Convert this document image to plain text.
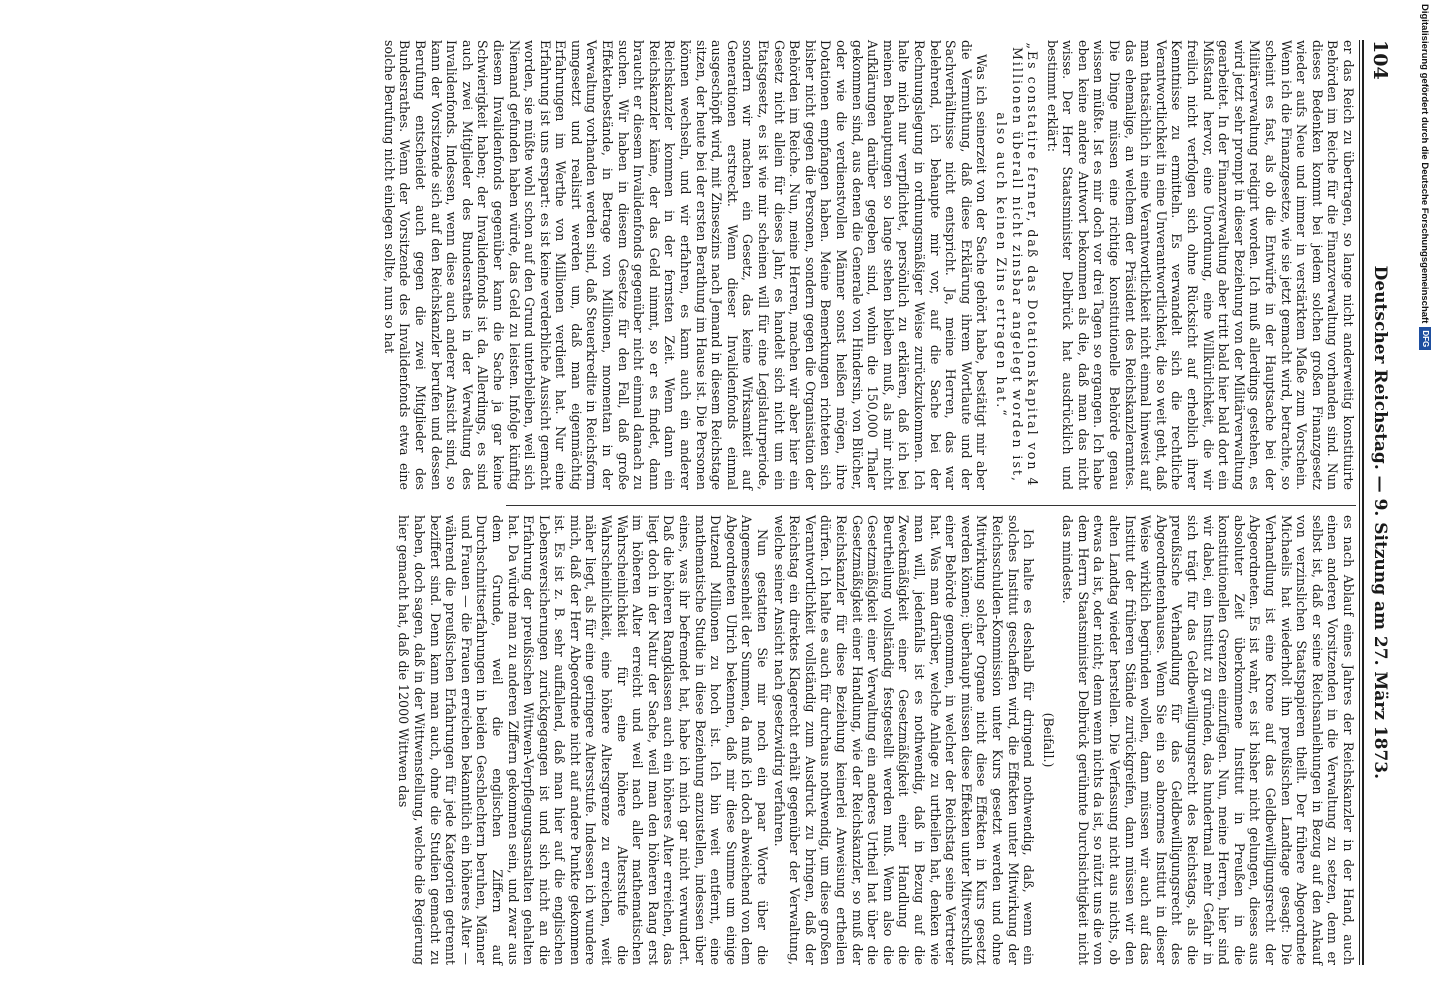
104
Deutscher Reichstag. — 9. Sitzung am 27. März 1873.

er das Reich zu übertragen, so lange nicht anderweitig konstituirte Behörden im Reiche für die Finanzverwaltung vorhanden sind. Nun dieses Bedenken kommt bei jedem solchen großen Finanzgesetz wieder aufs Neue und immer in verstärktem Maße zum Vorschein. Wenn ich die Finanzgesetze, wie sie jetzt gemacht wird, betrachte, so scheint es fast, als ob die Entwürfe in der Hauptsache bei der Militärverwaltung redigirt worden. Ich muß allerdings gestehen, es wird jetzt sehr prompt in dieser Beziehung von der Militärverwaltung gearbeitet. In der Finanzverwaltung aber tritt bald hier bald dort ein Mißstand hervor, eine Unordnung, eine Willkürlichkeit, die wir freilich nicht verfolgen sich ohne Rücksicht auf erheblich ihrer Kenntnisse zu ermitteln. Es verwandelt sich die rechtliche Verantwortlichkeit in eine Unverantwortlichkeit, die so weit geht, daß man thatsächlich in eine Verantwortlichkeit nicht einmal hinweist auf das ehemalige, an welchem der Präsident des Reichskanzleramtes. Die Dinge müssen eine richtige konstitutionelle Behörde genau wissen müßte. Ist es mir doch vor drei Tagen so ergangen. Ich habe eben keine andere Antwort bekommen als die, daß man das nicht wisse. Der Herr Staatsminister Delbrück hat ausdrücklich und bestimmt erklärt:

„Es constatire ferner, daß das Dotationskapital von 4 Millionen überall nicht zinsbar angelegt worden ist, also auch keinen Zins ertragen hat.“

Was ich seinerzeit von der Sache gehört habe, bestätigt mir aber die Vermuthung, daß diese Erklärung ihrem Wortlaute und der Sachverhältnisse nicht entspricht. Ja, meine Herren, das war belehrend, ich behaupte mir vor, auf die Sache bei der Rechnungslegung in ordnungsmäßiger Weise zurückzukommen. Ich halte mich nur verpflichtet, persönlich zu erklären, daß ich bei meinen Behauptungen so lange stehen bleiben muß, als mir nicht Aufklärungen darüber gegeben sind, wohin die 150,000 Thaler gekommen sind, aus denen die Generale von Hindersin, von Blücher, oder wie die verdienstvollen Männer sonst heißen mögen, ihre Dotationen empfangen haben. Meine Bemerkungen richteten sich bisher nicht gegen die Personen, sondern gegen die Organisation der Behörden im Reiche. Nun, meine Herren, machen wir aber hier ein Gesetz nicht allein für dieses Jahr, es handelt sich nicht um ein Etatsgesetz, es ist wie mir scheinen will für eine Legislaturperiode, sondern wir machen ein Gesetz, das keine Wirksamkeit auf Generationen erstreckt. Wenn dieser Invalidenfonds einmal ausgeschöpft wird, mit Zinseszins nach Jemand in diesem Reichstage sitzen, der heute bei der ersten Berathung im Hause ist. Die Personen können wechseln, und wir erfahren, es kann auch ein anderer Reichskanzler kommen in der fernsten Zeit. Wenn dann ein Reichskanzler käme, der das Geld nimmt, so er es findet, dann braucht er diesem Invalidenfonds gegenüber nicht einmal danach zu suchen. Wir haben in diesem Gesetze für den Fall, daß große Effektenbestände, in Betrage von Millionen, momentan in der Verwaltung vorhanden werden sind, daß Steuerkredite in Reichsform umgesetzt und realisirt werden um, daß man eigenmächtig Erfahrungen im Werthe von Millionen verdient hat. Nur eine Erfahrung ist uns erspart: es ist keine verderbliche Aussicht gemacht worden, sie müßte wohl schon auf den Grund unterbleiben, weil sich Niemand gefunden haben würde, das Geld zu leisten. Infolge künftig diesem Invalidenfonds gegenüber kann die Sache ja gar keine Schwierigkeit haben; der Invalidenfonds ist da. Allerdings, es sind auch zwei Mitglieder des Bundesrathes in der Verwaltung des Invalidenfonds. Indessen, wenn diese auch anderer Ansicht sind, so kann der Vorsitzende sich auf den Reichskanzler berufen und dessen Berufung entscheidet auch gegen die zwei Mitglieder des Bundesrathes. Wenn der Vorsitzende des Invalidenfonds etwa eine solche Berufung nicht einlegen sollte, nun so hat

es nach Ablauf eines Jahres der Reichskanzler in der Hand, auch einen anderen Vorsitzenden in die Verwaltung zu setzen, denn er selbst ist, daß er seine Reichsanleihungen in Bezug auf den Ankauf von verzinslichen Staatspapieren theilt. Der frühere Abgeordnete Michaelis hat wiederholt ihn preußischen Landtage gesagt: Die Verhandlung ist eine Krone auf das Geldbewilligungsrecht der Abgeordneten. Es ist wahr, es ist bisher nicht gelungen, dieses aus absoluter Zeit überkommene Institut in Preußen in die konstitutionellen Grenzen einzufügen. Nun, meine Herren, hier sind wir dabei, ein Institut zu gründen, das hundertmal mehr Gefahr in sich trägt für das Geldbewilligungsrecht des Reichstags, als die preußische Verhandlung für das Geldbewilligungsrecht des Abgeordnetenhauses. Wenn Sie ein so abnormes Institut in dieser Weise wirklich begründen wollen, dann müssen wir auch auf das Institut der früheren Stände zurückgreifen, dann müssen wir den alten Landtag wieder herstellen. Die Verfassung nicht aus nichts, ob etwas da ist, oder nicht; denn wenn nichts da ist, so nützt uns die von dem Herrn Staatsminister Delbrück gerühmte Durchsichtigkeit nicht das mindeste.

(Beifall.)

Ich halte es deshalb für dringend nothwendig, daß, wenn ein solches Institut geschaffen wird, die Effekten unter Mitwirkung der Reichsschulden-Kommission unter Kurs gesetzt werden und ohne Mitwirkung solcher Organe nicht diese Effekten in Kurs gesetzt werden können; überhaupt müssen diese Effekten unter Mitverschluß einer Behörde genommen, in welcher der Reichstag seine Vertreter hat. Was man darüber, welche Anlage zu urtheilen hat, denken wie man will, jedenfalls ist es nothwendig, daß in Bezug auf die Zweckmäßigkeit einer Gesetzmäßigkeit einer Handlung die Beurtheilung vollständig festgestellt werden muß. Wenn also die Gesetzmäßigkeit einer Verwaltung ein anderes Urtheil hat über die Gesetzmäßigkeit einer Handlung, wie der Reichskanzler, so muß der Reichskanzler für diese Beziehung keinerlei Anweisung ertheilen dürfen. Ich halte es auch für durchaus nothwendig, um diese großen Verantwortlichkeit vollständig zum Ausdruck zu bringen, daß der Reichstag ein direktes Klagerecht erhält gegenüber der Verwaltung, welche seiner Ansicht nach gesetzwidrig verfahren.

Nun gestatten Sie mir noch ein paar Worte über die Angemessenheit der Summen, da muß ich doch abweichend von dem Abgeordneten Ulrich bekennen, daß mir diese Summe um einige Dutzend Millionen zu hoch ist. Ich bin weit entfernt, eine mathematische Studie in diese Beziehung anzustellen, indessen über eines, was ihr befremdet hat, habe ich mich gar nicht verwundert. Daß die höheren Rangklassen auch ein höheres Alter erreichen, das liegt doch in der Natur der Sache, weil man den höheren Rang erst im höheren Alter erreicht und weil nach aller mathematischen Wahrscheinlichkeit für eine höhere Altersstufe die Wahrscheinlichkeit, eine höhere Altersgrenze zu erreichen, weit näher liegt, als für eine geringere Altersstufe. Indessen ich wundere mich, daß der Herr Abgeordnete nicht auf andere Punkte gekommen ist. Es ist z. B. sehr auffallend, daß man hier auf die englischen Lebensversicherungen zurückgegangen ist und sich nicht an die Erfahrung der preußischen Wittwen-Verpflegungsanstalten gehalten hat. Da würde man zu anderen Ziffern gekommen sein, und zwar aus dem Grunde, weil die englischen Ziffern auf Durchschnittserfahrungen in beiden Geschlechtern beruhen, Männer und Frauen — die Frauen erreichen bekanntlich ein höheres Alter — während die preußischen Erfahrungen für jede Kategorien getrennt beziffert sind. Denn kann man auch, ohne die Studien gemacht zu haben, doch sagen, daß in der Wittwenstellung, welche die Regierung hier gemacht hat, daß die 12000 Wittwen das

Digitalisierung gefördert durch die Deutsche Forschungsgemeinschaft
DFG
